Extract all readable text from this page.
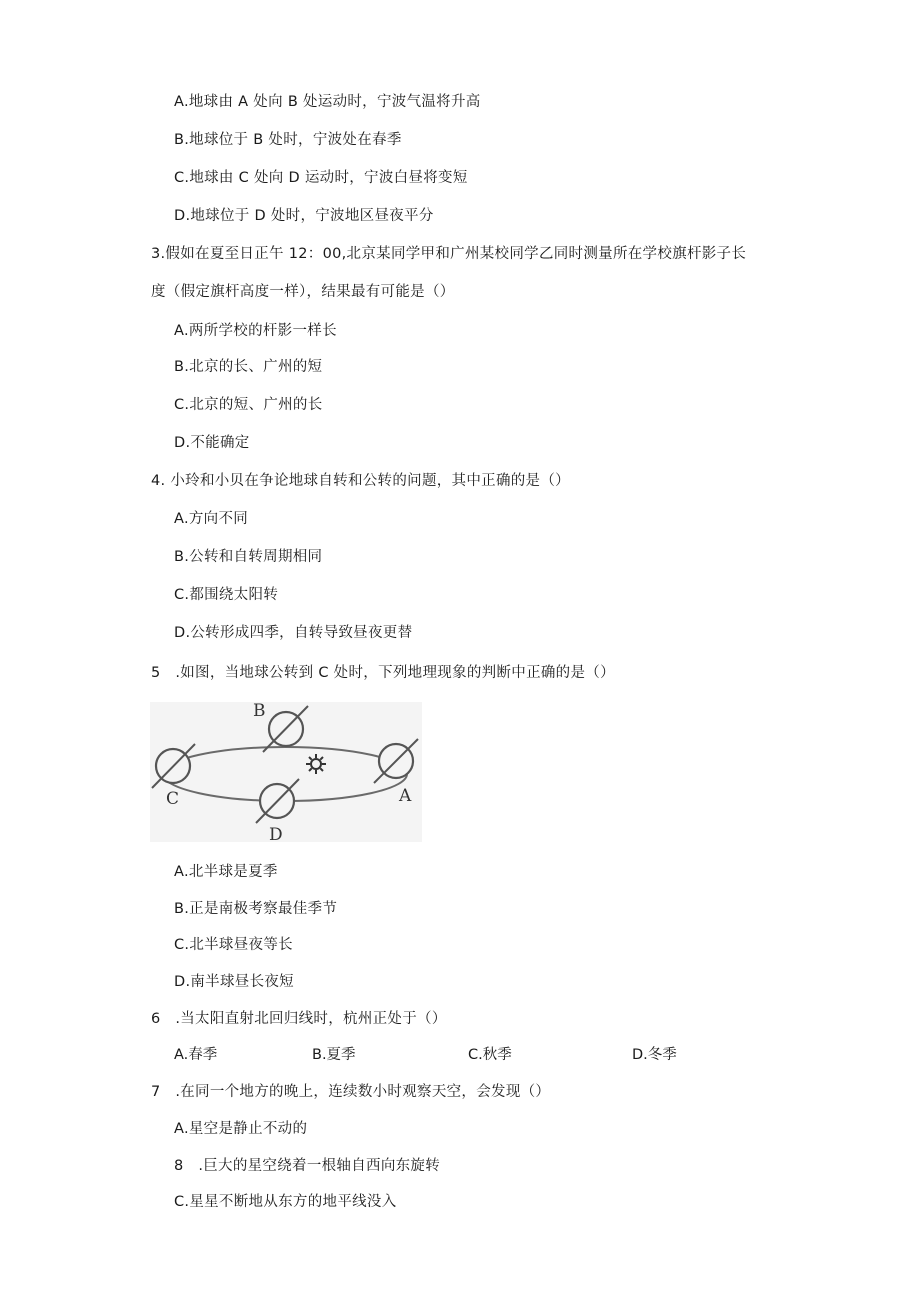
A.地球由 A 处向 B 处运动时，宁波气温将升高
B.地球位于 B 处时，宁波处在春季
C.地球由 C 处向 D 运动时，宁波白昼将变短
D.地球位于 D 处时，宁波地区昼夜平分
3.假如在夏至日正午 12：00,北京某同学甲和广州某校同学乙同时测量所在学校旗杆影子长
度（假定旗杆高度一样），结果最有可能是（）
A.两所学校的杆影一样长
B.北京的长、广州的短
C.北京的短、广州的长
D.不能确定
4. 小玲和小贝在争论地球自转和公转的问题，其中正确的是（）
A.方向不同
B.公转和自转周期相同
C.都围绕太阳转
D.公转形成四季，自转导致昼夜更替
5　.如图，当地球公转到 C 处时，下列地理现象的判断中正确的是（）
B
C
D
A
A.北半球是夏季
B.正是南极考察最佳季节
C.北半球昼夜等长
D.南半球昼长夜短
6　.当太阳直射北回归线时，杭州正处于（）
A.春季	B.夏季	C.秋季	D.冬季
7　.在同一个地方的晚上，连续数小时观察天空，会发现（）
A.星空是静止不动的
8　.巨大的星空绕着一根轴自西向东旋转
C.星星不断地从东方的地平线没入
